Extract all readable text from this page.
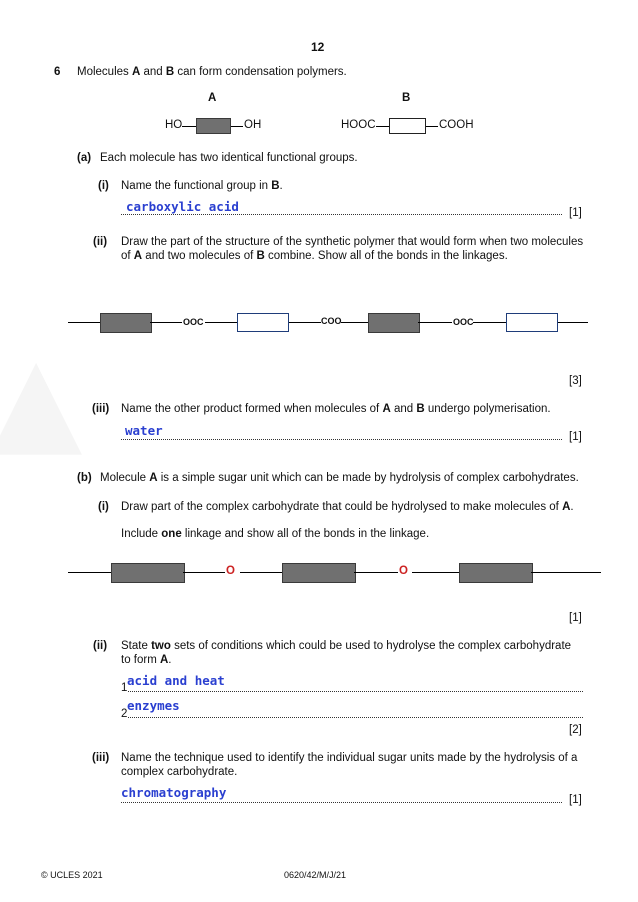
12
6 Molecules A and B can form condensation polymers.
A	B
HO	OH	HOOC	COOH
(a) Each molecule has two identical functional groups.
(i) Name the functional group in B.
carboxylic acid	[1]
(ii) Draw the part of the structure of the synthetic polymer that would form when two molecules
of A and two molecules of B combine. Show all of the bonds in the linkages.
OOC	COO	OOC
[3]
(iii) Name the other product formed when molecules of A and B undergo polymerisation.
water	[1]
(b) Molecule A is a simple sugar unit which can be made by hydrolysis of complex carbohydrates.
(i) Draw part of the complex carbohydrate that could be hydrolysed to make molecules of A.
Include one linkage and show all of the bonds in the linkage.
O	O
[1]
(ii) State two sets of conditions which could be used to hydrolyse the complex carbohydrate
to form A.
1 acid and heat
2
enzymes
[2]
(iii) Name the technique used to identify the individual sugar units made by the hydrolysis of a
complex carbohydrate.
chromatography	[1]
© UCLES 2021	0620/42/M/J/21
